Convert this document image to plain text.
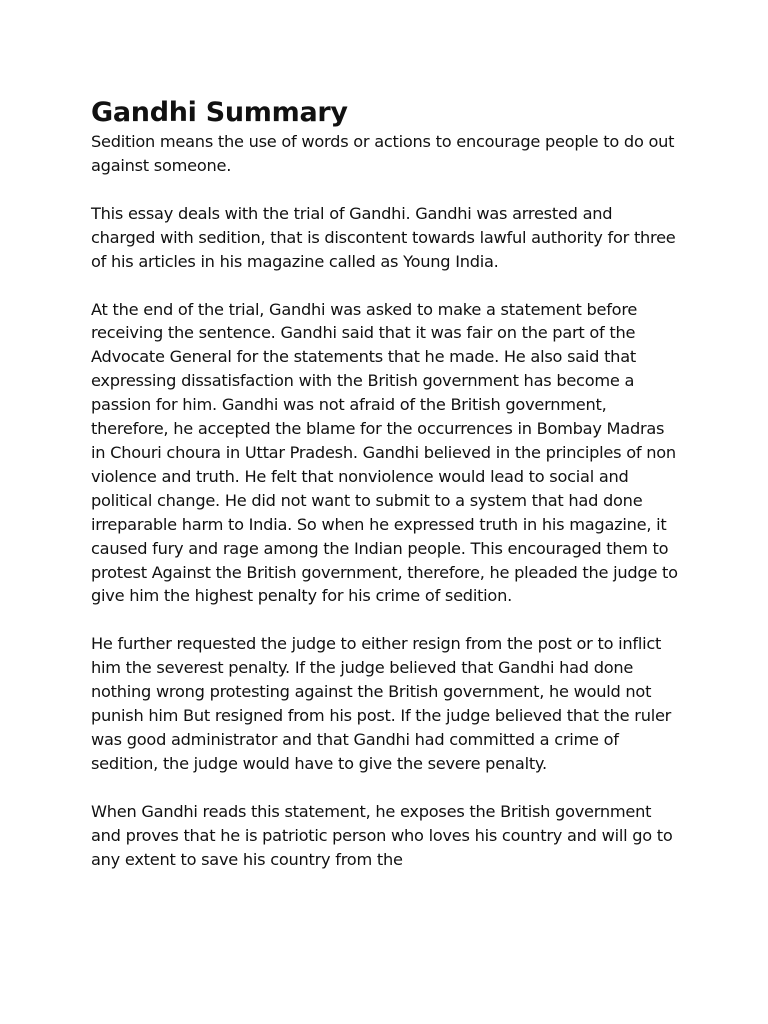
Gandhi Summary

Sedition means the use of words or actions to encourage people to do out against someone.

This essay deals with the trial of Gandhi. Gandhi was arrested and charged with sedition, that is discontent towards lawful authority for three of his articles in his magazine called as Young India.

At the end of the trial, Gandhi was asked to make a statement before receiving the sentence. Gandhi said that it was fair on the part of the Advocate General for the statements that he made. He also said that expressing dissatisfaction with the British government has become a passion for him. Gandhi was not afraid of the British government, therefore, he accepted the blame for the occurrences in Bombay Madras in Chouri choura in Uttar Pradesh. Gandhi believed in the principles of non violence and truth. He felt that nonviolence would lead to social and political change. He did not want to submit to a system that had done irreparable harm to India. So when he expressed truth in his magazine, it caused fury and rage among the Indian people. This encouraged them to protest Against the British government, therefore, he pleaded the judge to give him the highest penalty for his crime of sedition.

He further requested the judge to either resign from the post or to inflict him the severest penalty. If the judge believed that Gandhi had done nothing wrong protesting against the British government, he would not punish him But resigned from his post. If the judge believed that the ruler was good administrator and that Gandhi had committed a crime of sedition, the judge would have to give the severe penalty.

When Gandhi reads this statement, he exposes the British government and proves that he is patriotic person who loves his country and will go to any extent to save his country from the
